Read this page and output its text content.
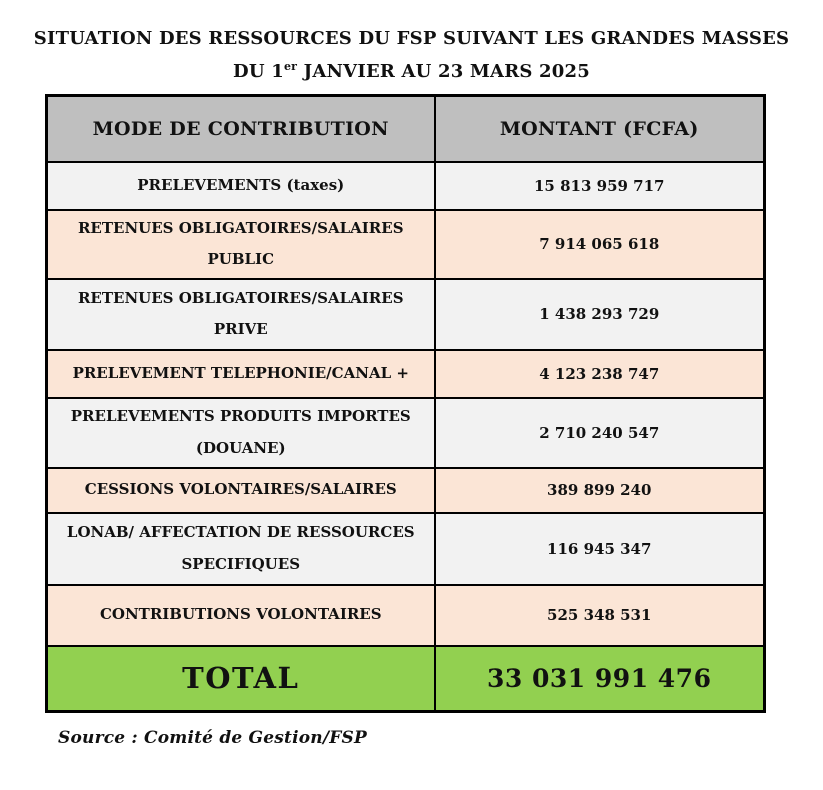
SITUATION DES RESSOURCES DU FSP SUIVANT LES GRANDES MASSES
DU 1er JANVIER AU 23 MARS 2025
MODE DE CONTRIBUTION	MONTANT (FCFA)
PRELEVEMENTS (taxes)	15 813 959 717
RETENUES OBLIGATOIRES/SALAIRES PUBLIC	7 914 065 618
RETENUES OBLIGATOIRES/SALAIRES PRIVE	1 438 293 729
PRELEVEMENT TELEPHONIE/CANAL +	4 123 238 747
PRELEVEMENTS PRODUITS IMPORTES (DOUANE)	2 710 240 547
CESSIONS VOLONTAIRES/SALAIRES	389 899 240
LONAB/ AFFECTATION DE RESSOURCES SPECIFIQUES	116 945 347
CONTRIBUTIONS VOLONTAIRES	525 348 531
TOTAL	33 031 991 476
Source : Comité de Gestion/FSP
